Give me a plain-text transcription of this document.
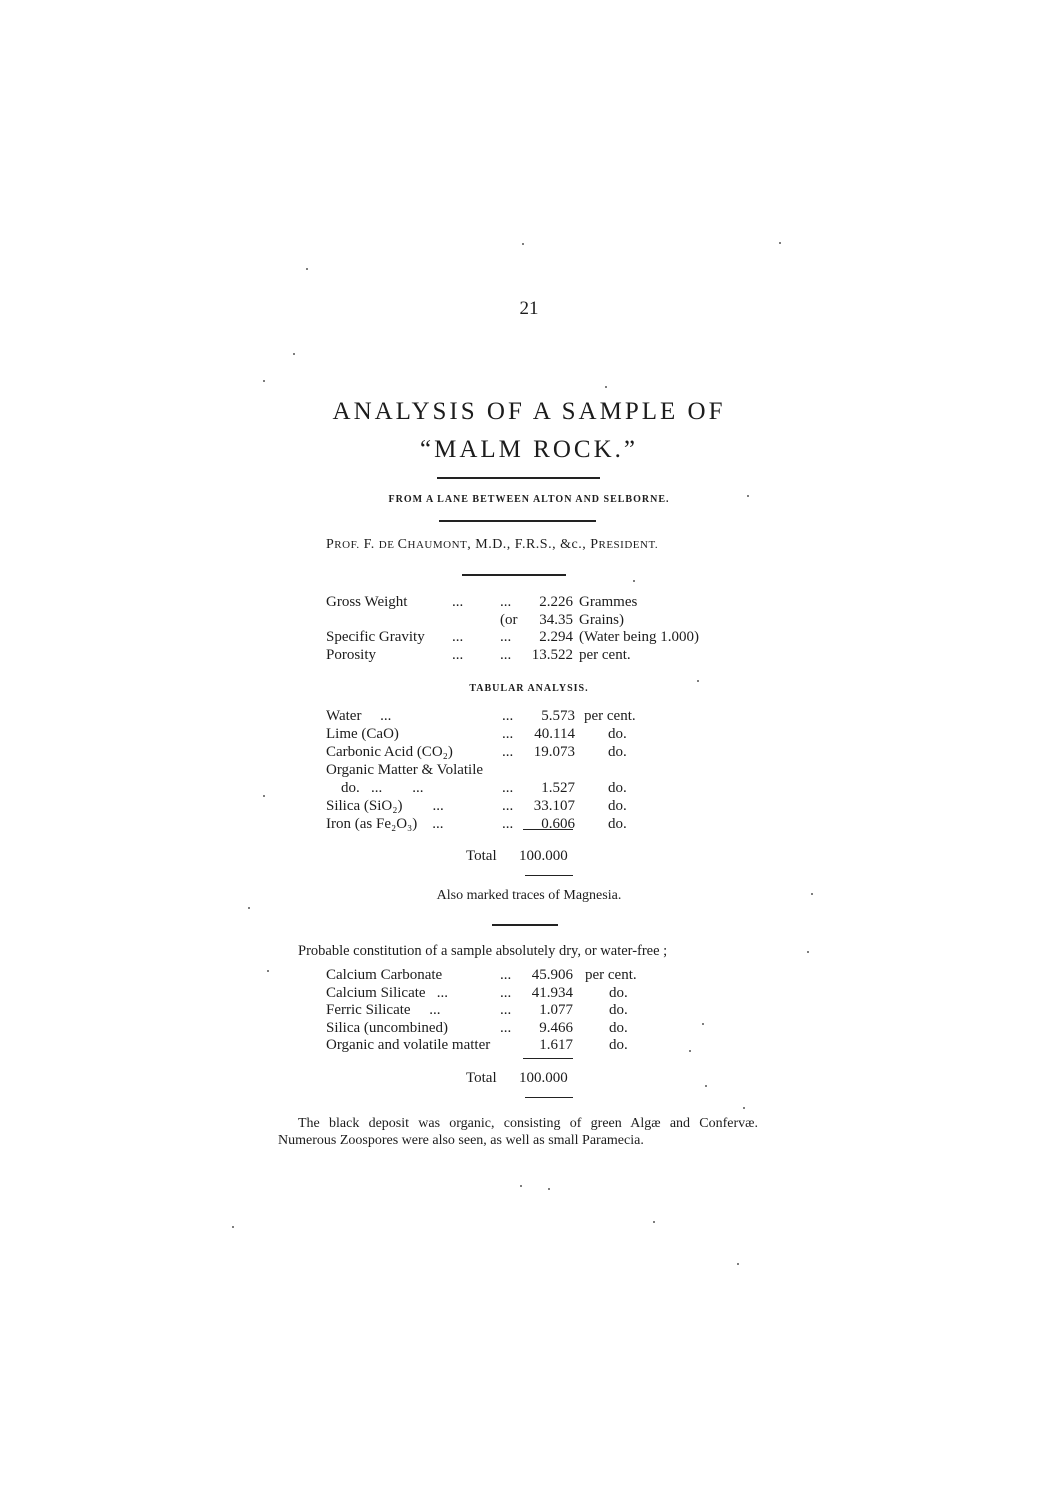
21
ANALYSIS OF A SAMPLE OF
“MALM ROCK.”
FROM A LANE BETWEEN ALTON AND SELBORNE.
PROF. F. DE CHAUMONT, M.D., F.R.S., &c., PRESIDENT.
Gross Weight	... ... 2.226 Grammes
(or 34.35 Grains)
Specific Gravity ... ... 2.294 (Water being 1.000)
Porosity	... ... 13.522 per cent.
TABULAR ANALYSIS.
Water     ...	... 5.573 per cent.
Lime (CaO)	... 40.114 do.
Carbonic Acid (CO₂)	... 19.073 do.
Organic Matter & Volatile
do.   ...        ...	... 1.527 do.
Silica (SiO₂)        ...	... 33.107 do.
Iron (as Fe₂O₃)    ...	... 0.606 do.
Total 100.000
Also marked traces of Magnesia.
Probable constitution of a sample absolutely dry, or water-free ;
Calcium Carbonate	... 45.906 per cent.
Calcium Silicate   ...	... 41.934 do.
Ferric Silicate     ...	... 1.077 do.
Silica (uncombined)	... 9.466 do.
Organic and volatile matter	1.617 do.
Total 100.000
The black deposit was organic, consisting of green Algæ and Confervæ. Numerous Zoospores were also seen, as well as small Paramecia.
